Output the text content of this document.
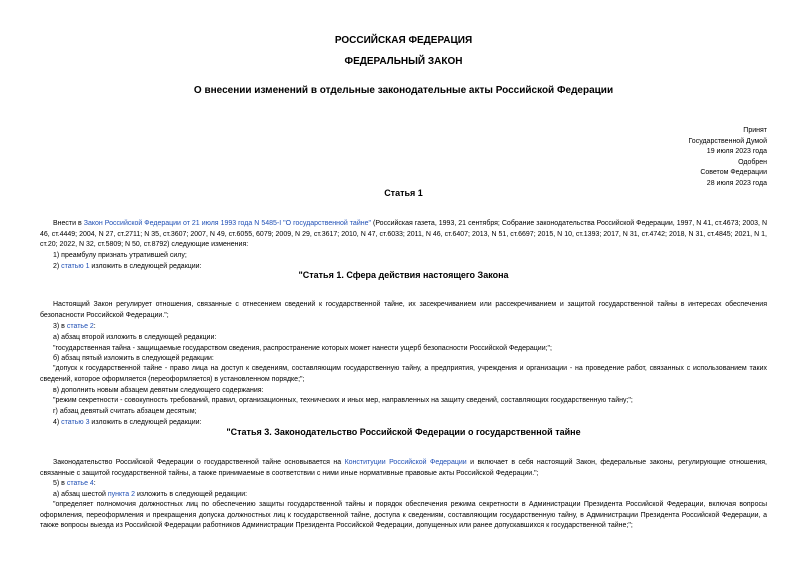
РОССИЙСКАЯ ФЕДЕРАЦИЯ
ФЕДЕРАЛЬНЫЙ ЗАКОН
О внесении изменений в отдельные законодательные акты Российской Федерации
Принят
Государственной Думой
19 июля 2023 года
Одобрен
Советом Федерации
28 июля 2023 года
Статья 1
Внести в Закон Российской Федерации от 21 июля 1993 года N 5485-I "О государственной тайне" (Российская газета, 1993, 21 сентября; Собрание законодательства Российской Федерации, 1997, N 41, ст.4673; 2003, N 46, ст.4449; 2004, N 27, ст.2711; N 35, ст.3607; 2007, N 49, ст.6055, 6079; 2009, N 29, ст.3617; 2010, N 47, ст.6033; 2011, N 46, ст.6407; 2013, N 51, ст.6697; 2015, N 10, ст.1393; 2017, N 31, ст.4742; 2018, N 31, ст.4845; 2021, N 1, ст.20; 2022, N 32, ст.5809; N 50, ст.8792) следующие изменения:
1) преамбулу признать утратившей силу;
2) статью 1 изложить в следующей редакции:
"Статья 1. Сфера действия настоящего Закона
Настоящий Закон регулирует отношения, связанные с отнесением сведений к государственной тайне, их засекречиванием или рассекречиванием и защитой государственной тайны в интересах обеспечения безопасности Российской Федерации.";
3) в статье 2:
а) абзац второй изложить в следующей редакции:
"государственная тайна - защищаемые государством сведения, распространение которых может нанести ущерб безопасности Российской Федерации;";
б) абзац пятый изложить в следующей редакции:
"допуск к государственной тайне - право лица на доступ к сведениям, составляющим государственную тайну, а предприятия, учреждения и организации - на проведение работ, связанных с использованием таких сведений, которое оформляется (переоформляется) в установленном порядке;";
в) дополнить новым абзацем девятым следующего содержания:
"режим секретности - совокупность требований, правил, организационных, технических и иных мер, направленных на защиту сведений, составляющих государственную тайну;";
г) абзац девятый считать абзацем десятым;
4) статью 3 изложить в следующей редакции:
"Статья 3. Законодательство Российской Федерации о государственной тайне
Законодательство Российской Федерации о государственной тайне основывается на Конституции Российской Федерации и включает в себя настоящий Закон, федеральные законы, регулирующие отношения, связанные с защитой государственной тайны, а также принимаемые в соответствии с ними иные нормативные правовые акты Российской Федерации.";
5) в статье 4:
а) абзац шестой пункта 2 изложить в следующей редакции:
"определяет полномочия должностных лиц по обеспечению защиты государственной тайны и порядок обеспечения режима секретности в Администрации Президента Российской Федерации, включая вопросы оформления, переоформления и прекращения допуска должностных лиц к государственной тайне, доступа к сведениям, составляющим государственную тайну, в Администрации Президента Российской Федерации, а также вопросы выезда из Российской Федерации работников Администрации Президента Российской Федерации, допущенных или ранее допускавшихся к государственной тайне;";
